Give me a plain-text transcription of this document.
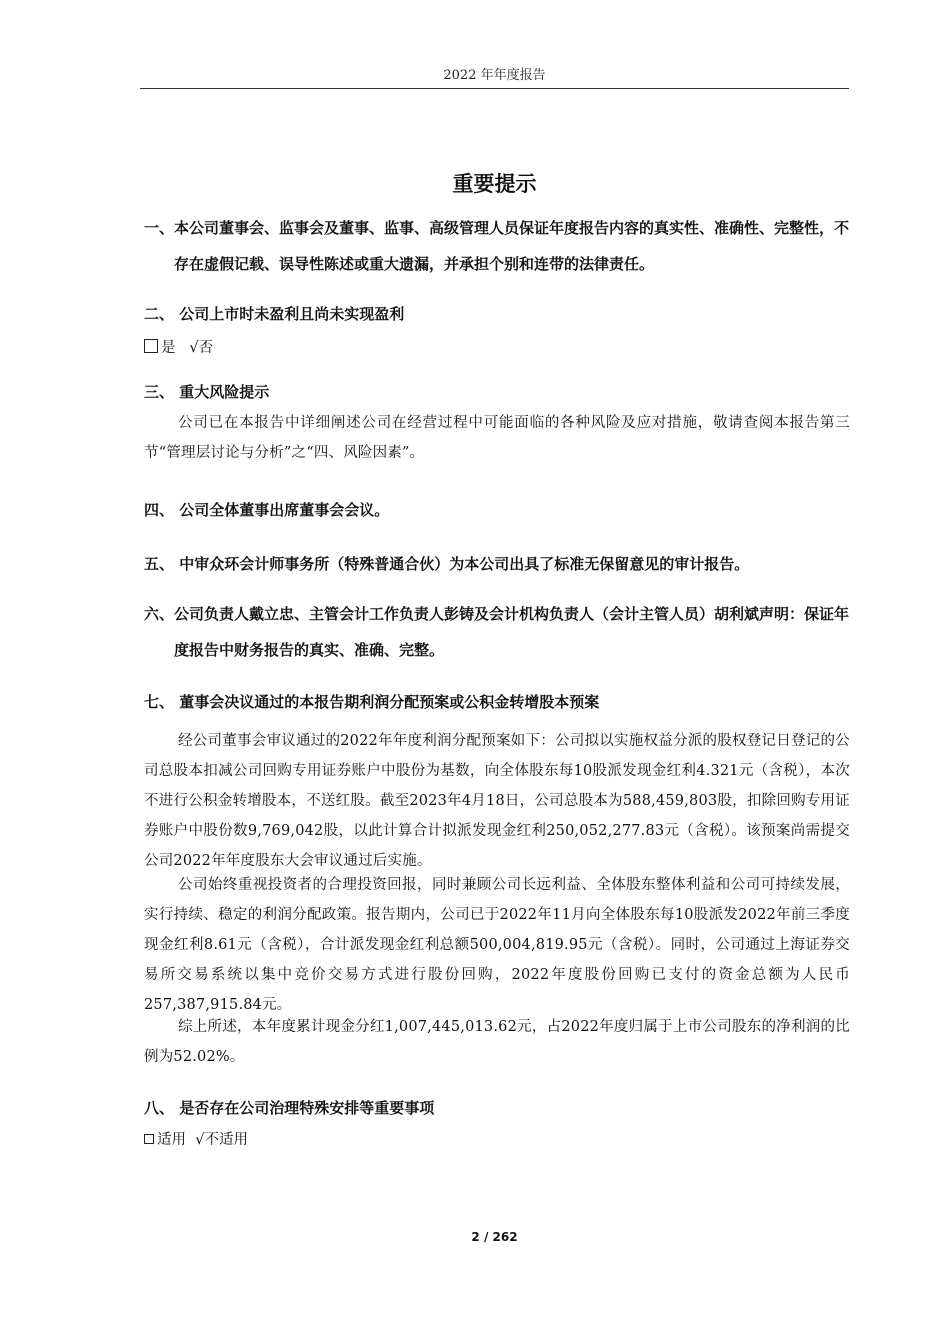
2022 年年度报告
重要提示
一、本公司董事会、监事会及董事、监事、高级管理人员保证年度报告内容的真实性、准确性、完整性，不存在虚假记载、误导性陈述或重大遗漏，并承担个别和连带的法律责任。
二、 公司上市时未盈利且尚未实现盈利
是 √否
三、 重大风险提示
公司已在本报告中详细阐述公司在经营过程中可能面临的各种风险及应对措施，敬请查阅本报告第三节“管理层讨论与分析”之“四、风险因素”。
四、 公司全体董事出席董事会会议。
五、 中审众环会计师事务所（特殊普通合伙）为本公司出具了标准无保留意见的审计报告。
六、公司负责人戴立忠、主管会计工作负责人彭铸及会计机构负责人（会计主管人员）胡利斌声明：保证年度报告中财务报告的真实、准确、完整。
七、 董事会决议通过的本报告期利润分配预案或公积金转增股本预案
经公司董事会审议通过的2022年年度利润分配预案如下：公司拟以实施权益分派的股权登记日登记的公司总股本扣减公司回购专用证券账户中股份为基数，向全体股东每10股派发现金红利4.321元（含税），本次不进行公积金转增股本，不送红股。截至2023年4月18日，公司总股本为588,459,803股，扣除回购专用证券账户中股份数9,769,042股，以此计算合计拟派发现金红利250,052,277.83元（含税）。该预案尚需提交公司2022年年度股东大会审议通过后实施。
公司始终重视投资者的合理投资回报，同时兼顾公司长远利益、全体股东整体利益和公司可持续发展，实行持续、稳定的利润分配政策。报告期内，公司已于2022年11月向全体股东每10股派发2022年前三季度现金红利8.61元（含税），合计派发现金红利总额500,004,819.95元（含税）。同时，公司通过上海证券交易所交易系统以集中竞价交易方式进行股份回购，2022年度股份回购已支付的资金总额为人民币257,387,915.84元。
综上所述，本年度累计现金分红1,007,445,013.62元，占2022年度归属于上市公司股东的净利润的比例为52.02%。
八、 是否存在公司治理特殊安排等重要事项
适用 √不适用
2 / 262
